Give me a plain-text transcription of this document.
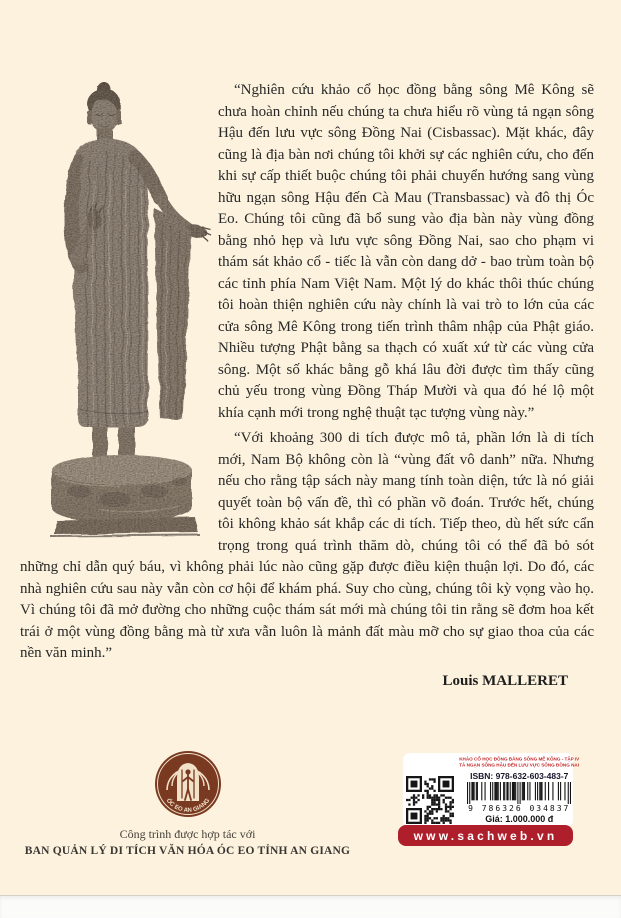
“Nghiên cứu khảo cổ học đồng bằng sông Mê Kông sẽ chưa hoàn chỉnh nếu chúng ta chưa hiểu rõ vùng tả ngạn sông Hậu đến lưu vực sông Đồng Nai (Cisbassac). Mặt khác, đây cũng là địa bàn nơi chúng tôi khởi sự các nghiên cứu, cho đến khi sự cấp thiết buộc chúng tôi phải chuyển hướng sang vùng hữu ngạn sông Hậu đến Cà Mau (Transbassac) và đô thị Óc Eo. Chúng tôi cũng đã bổ sung vào địa bàn này vùng đồng bằng nhỏ hẹp và lưu vực sông Đồng Nai, sao cho phạm vi thám sát khảo cổ - tiếc là vẫn còn dang dở - bao trùm toàn bộ các tỉnh phía Nam Việt Nam. Một lý do khác thôi thúc chúng tôi hoàn thiện nghiên cứu này chính là vai trò to lớn của các cửa sông Mê Kông trong tiến trình thâm nhập của Phật giáo. Nhiều tượng Phật bằng sa thạch có xuất xứ từ các vùng cửa sông. Một số khác bằng gỗ khá lâu đời được tìm thấy cũng chủ yếu trong vùng Đồng Tháp Mười và qua đó hé lộ một khía cạnh mới trong nghệ thuật tạc tượng vùng này.”

“Với khoảng 300 di tích được mô tả, phần lớn là di tích mới, Nam Bộ không còn là “vùng đất vô danh” nữa. Nhưng nếu cho rằng tập sách này mang tính toàn diện, tức là nó giải quyết toàn bộ vấn đề, thì có phần võ đoán. Trước hết, chúng tôi không khảo sát khắp các di tích. Tiếp theo, dù hết sức cẩn trọng trong quá trình thăm dò, chúng tôi có thể đã bỏ sót những chỉ dẫn quý báu, vì không phải lúc nào cũng gặp được điều kiện thuận lợi. Do đó, các nhà nghiên cứu sau này vẫn còn cơ hội để khám phá. Suy cho cùng, chúng tôi kỳ vọng vào họ. Vì chúng tôi đã mở đường cho những cuộc thám sát mới mà chúng tôi tin rằng sẽ đơm hoa kết trái ở một vùng đồng bằng mà từ xưa vẫn luôn là mảnh đất màu mỡ cho sự giao thoa của các nền văn minh.”

Louis MALLERET
ÓC EO AN GIANG
Công trình được hợp tác với
BAN QUẢN LÝ DI TÍCH VĂN HÓA ÓC EO TỈNH AN GIANG
KHẢO CỔ HỌC ĐỒNG BẰNG SÔNG MÊ KÔNG - TẬP IV
TẢ NGẠN SÔNG HẬU ĐẾN LƯU VỰC SÔNG ĐỒNG NAI
ISBN: 978-632-603-483-7
9 786326 034837
Giá: 1.000.000 đ
www.sachweb.vn
